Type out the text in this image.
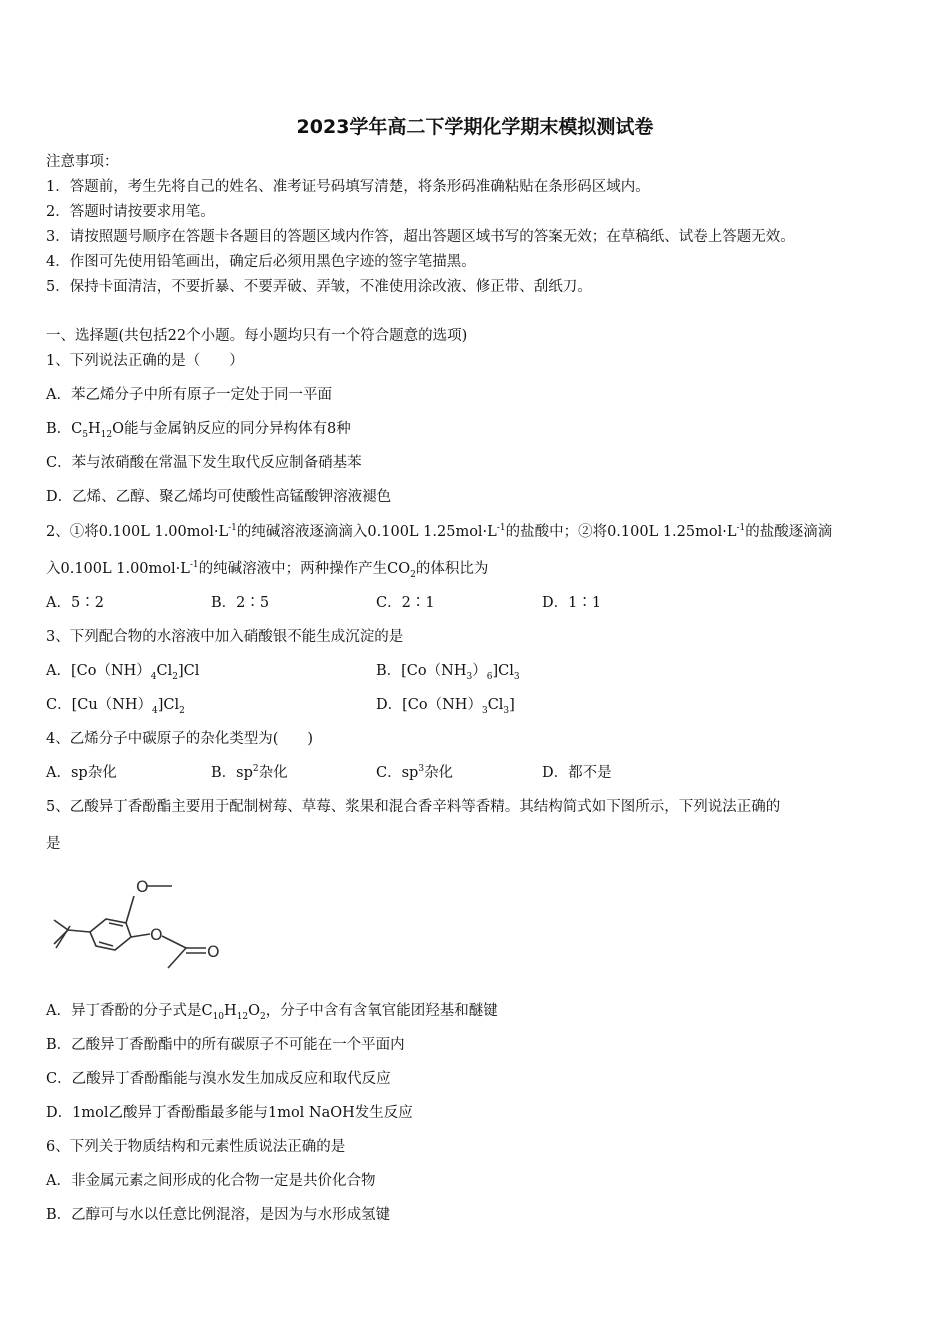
2023学年高二下学期化学期末模拟测试卷
注意事项：
1．答题前，考生先将自己的姓名、准考证号码填写清楚，将条形码准确粘贴在条形码区域内。
2．答题时请按要求用笔。
3．请按照题号顺序在答题卡各题目的答题区域内作答，超出答题区域书写的答案无效；在草稿纸、试卷上答题无效。
4．作图可先使用铅笔画出，确定后必须用黑色字迹的签字笔描黑。
5．保持卡面清洁，不要折暴、不要弄破、弄皱，不准使用涂改液、修正带、刮纸刀。
一、选择题(共包括22个小题。每小题均只有一个符合题意的选项)
1、下列说法正确的是（　　）
A．苯乙烯分子中所有原子一定处于同一平面
B．$C_5H_{12}O$能与金属钠反应的同分异构体有8种
C．苯与浓硝酸在常温下发生取代反应制备硝基苯
D．乙烯、乙醇、聚乙烯均可使酸性高锰酸钾溶液褪色
2、①将0.100L $1.00mol\cdot L^{-1}$的纯碱溶液逐滴滴入0.100L $1.25mol\cdot L^{-1}$的盐酸中；②将0.100L $1.25mol\cdot L^{-1}$的盐酸逐滴滴
入0.100L $1.00mol\cdot L^{-1}$的纯碱溶液中；两种操作产生$CO_2$的体积比为
A．5∶2	B．2∶5	C．2∶1	D．1∶1
3、下列配合物的水溶液中加入硝酸银不能生成沉淀的是
A．$[Co(NH)_4Cl_2]Cl$	B．$[Co(NH_3)_6]Cl_3$
C．$[Cu(NH)_4]Cl_2$	D．$[Co(NH)_3Cl_3]$
4、乙烯分子中碳原子的杂化类型为(　　)
A．sp杂化	B．$sp^2$杂化	C．$sp^3$杂化	D．都不是
5、乙酸异丁香酚酯主要用于配制树莓、草莓、浆果和混合香辛料等香精。其结构简式如下图所示，下列说法正确的
是
O
O
O
A．异丁香酚的分子式是$C_{10}H_{12}O_2$，分子中含有含氧官能团羟基和醚键
B．乙酸异丁香酚酯中的所有碳原子不可能在一个平面内
C．乙酸异丁香酚酯能与溴水发生加成反应和取代反应
D．1mol乙酸异丁香酚酯最多能与1mol NaOH发生反应
6、下列关于物质结构和元素性质说法正确的是
A．非金属元素之间形成的化合物一定是共价化合物
B．乙醇可与水以任意比例混溶，是因为与水形成氢键
